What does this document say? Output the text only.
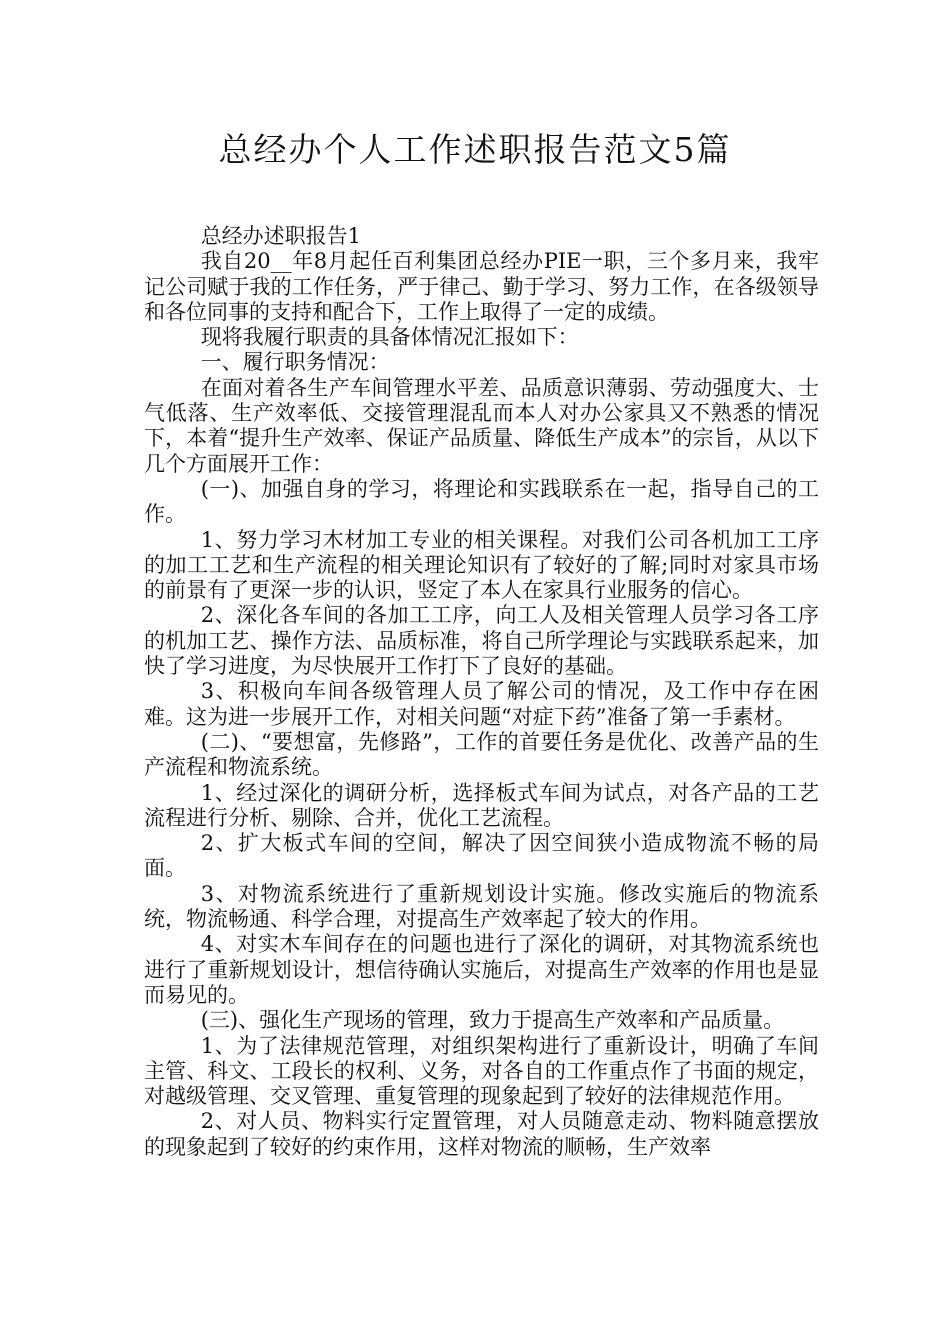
总经办个人工作述职报告范文5篇

总经办述职报告1

我自20__年8月起任百利集团总经办PIE一职，三个多月来，我牢记公司赋于我的工作任务，严于律己、勤于学习、努力工作，在各级领导和各位同事的支持和配合下，工作上取得了一定的成绩。

现将我履行职责的具备体情况汇报如下：

一、履行职务情况：

在面对着各生产车间管理水平差、品质意识薄弱、劳动强度大、士气低落、生产效率低、交接管理混乱而本人对办公家具又不熟悉的情况下，本着“提升生产效率、保证产品质量、降低生产成本”的宗旨，从以下几个方面展开工作：

(一)、加强自身的学习，将理论和实践联系在一起，指导自己的工作。

1、努力学习木材加工专业的相关课程。对我们公司各机加工工序的加工工艺和生产流程的相关理论知识有了较好的了解;同时对家具市场的前景有了更深一步的认识，竖定了本人在家具行业服务的信心。

2、深化各车间的各加工工序，向工人及相关管理人员学习各工序的机加工艺、操作方法、品质标准，将自己所学理论与实践联系起来，加快了学习进度，为尽快展开工作打下了良好的基础。

3、积极向车间各级管理人员了解公司的情况，及工作中存在困难。这为进一步展开工作，对相关问题“对症下药”准备了第一手素材。

(二)、“要想富，先修路”，工作的首要任务是优化、改善产品的生产流程和物流系统。

1、经过深化的调研分析，选择板式车间为试点，对各产品的工艺流程进行分析、剔除、合并，优化工艺流程。

2、扩大板式车间的空间，解决了因空间狭小造成物流不畅的局面。

3、对物流系统进行了重新规划设计实施。修改实施后的物流系统，物流畅通、科学合理，对提高生产效率起了较大的作用。

4、对实木车间存在的问题也进行了深化的调研，对其物流系统也进行了重新规划设计，想信待确认实施后，对提高生产效率的作用也是显而易见的。

(三)、强化生产现场的管理，致力于提高生产效率和产品质量。

1、为了法律规范管理，对组织架构进行了重新设计，明确了车间主管、科文、工段长的权利、义务，对各自的工作重点作了书面的规定，对越级管理、交叉管理、重复管理的现象起到了较好的法律规范作用。

2、对人员、物料实行定置管理，对人员随意走动、物料随意摆放的现象起到了较好的约束作用，这样对物流的顺畅，生产效率
